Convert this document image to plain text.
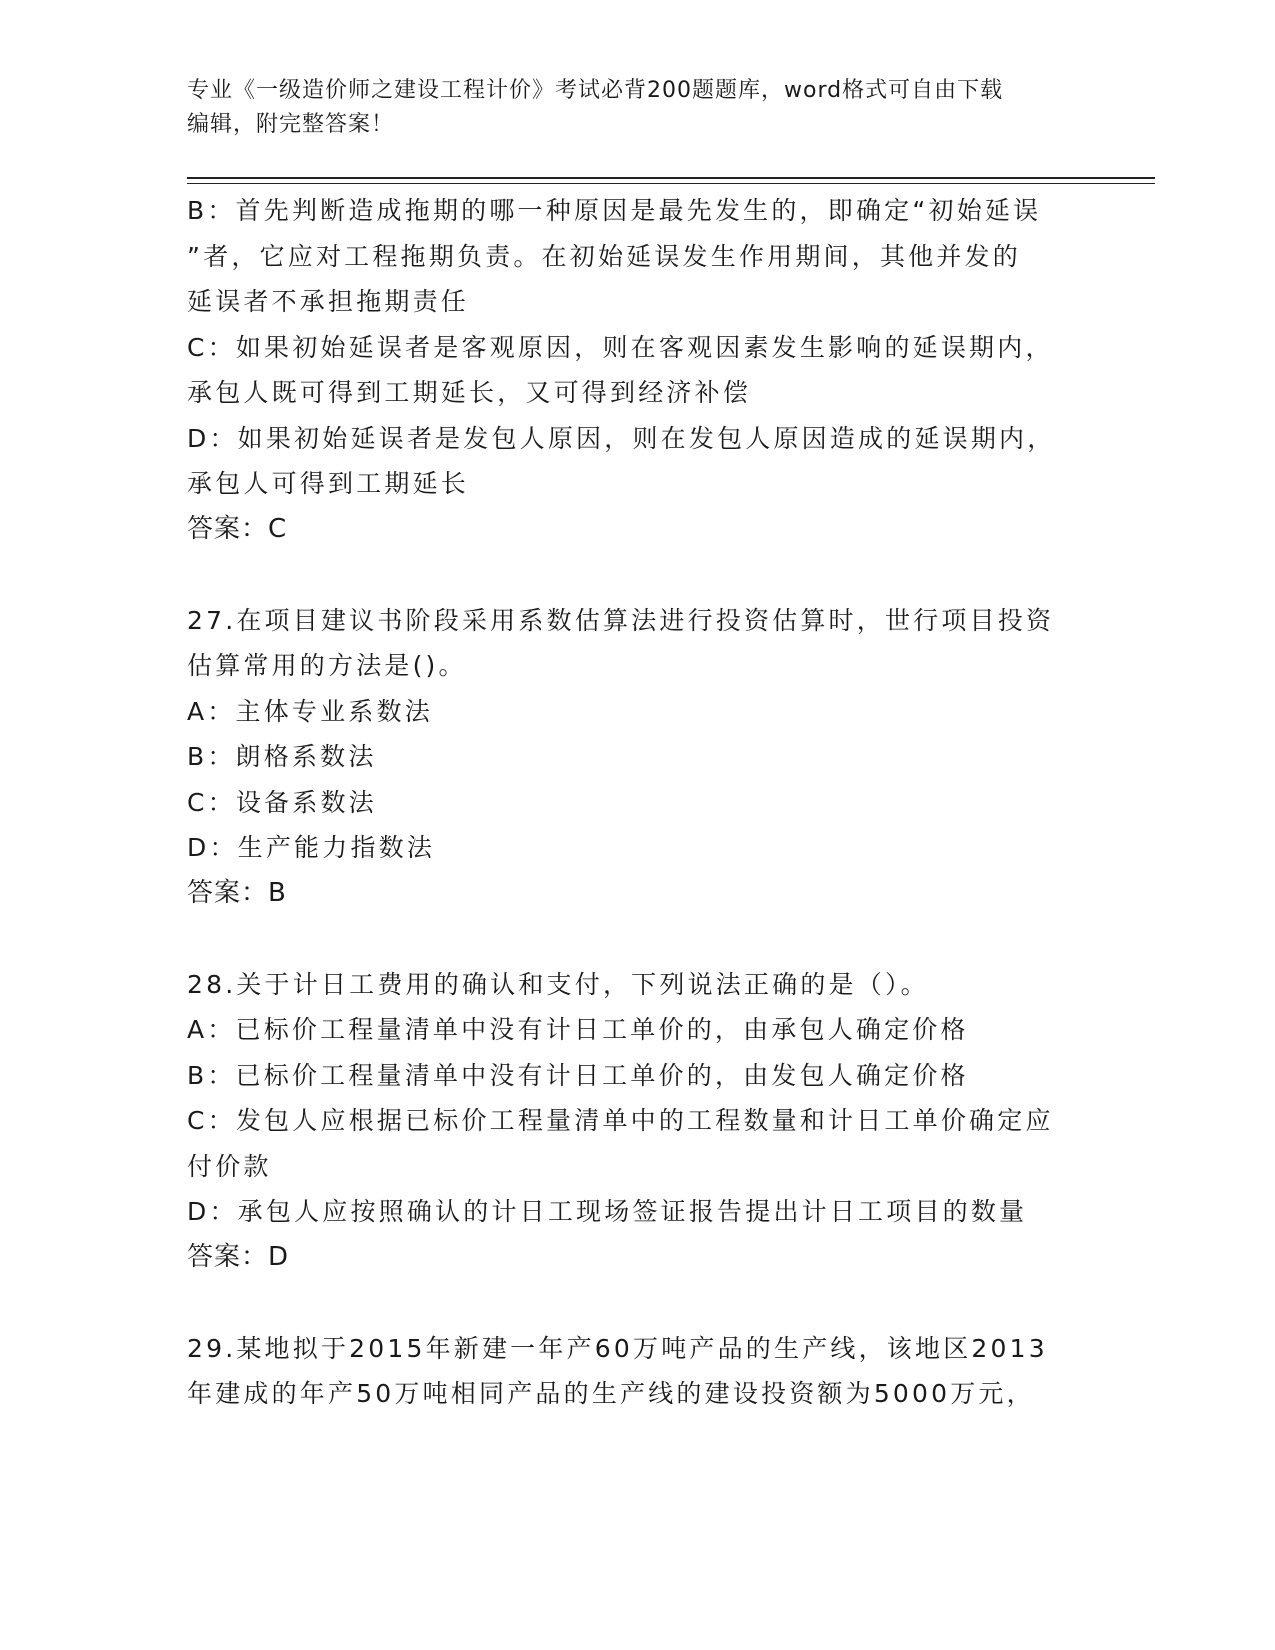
专业《一级造价师之建设工程计价》考试必背200题题库，word格式可自由下载
编辑，附完整答案！
B：首先判断造成拖期的哪一种原因是最先发生的，即确定“初始延误
”者，它应对工程拖期负责。在初始延误发生作用期间，其他并发的
延误者不承担拖期责任
C：如果初始延误者是客观原因，则在客观因素发生影响的延误期内，
承包人既可得到工期延长，又可得到经济补偿
D：如果初始延误者是发包人原因，则在发包人原因造成的延误期内，
承包人可得到工期延长
答案：C
27.在项目建议书阶段采用系数估算法进行投资估算时，世行项目投资
估算常用的方法是()。
A：主体专业系数法
B：朗格系数法
C：设备系数法
D：生产能力指数法
答案：B
28.关于计日工费用的确认和支付，下列说法正确的是（）。
A：已标价工程量清单中没有计日工单价的，由承包人确定价格
B：已标价工程量清单中没有计日工单价的，由发包人确定价格
C：发包人应根据已标价工程量清单中的工程数量和计日工单价确定应
付价款
D：承包人应按照确认的计日工现场签证报告提出计日工项目的数量
答案：D
29.某地拟于2015年新建一年产60万吨产品的生产线，该地区2013
年建成的年产50万吨相同产品的生产线的建设投资额为5000万元，
